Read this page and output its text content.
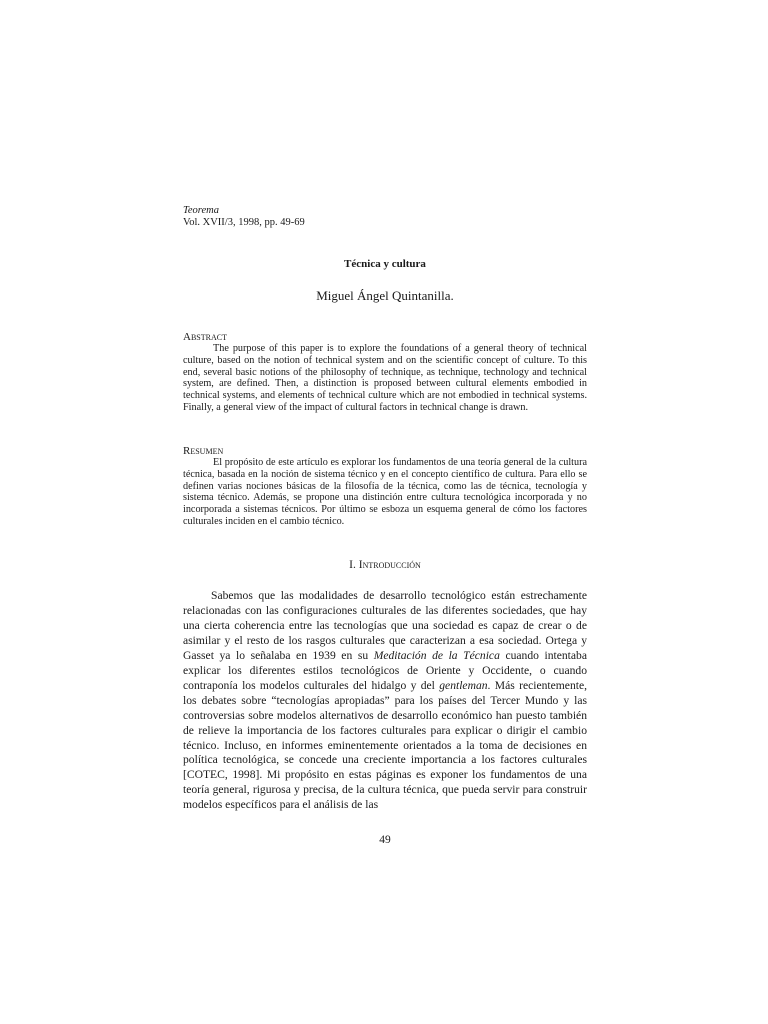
Teorema
Vol. XVII/3, 1998, pp. 49-69
Técnica y cultura
Miguel Ángel Quintanilla.
Abstract

The purpose of this paper is to explore the foundations of a general theory of technical culture, based on the notion of technical system and on the scientific concept of culture. To this end, several basic notions of the philosophy of technique, as technique, technology and technical system, are defined. Then, a distinction is proposed between cultural elements embodied in technical systems, and elements of technical culture which are not embodied in technical systems. Finally, a general view of the impact of cultural factors in technical change is drawn.

Resumen

El propósito de este artículo es explorar los fundamentos de una teoría general de la cultura técnica, basada en la noción de sistema técnico y en el concepto científico de cultura. Para ello se definen varias nociones básicas de la filosofía de la técnica, como las de técnica, tecnología y sistema técnico. Además, se propone una distinción entre cultura tecnológica incorporada y no incorporada a sistemas técnicos. Por último se esboza un esquema general de cómo los factores culturales inciden en el cambio técnico.

I. Introducción

Sabemos que las modalidades de desarrollo tecnológico están estrechamente relacionadas con las configuraciones culturales de las diferentes sociedades, que hay una cierta coherencia entre las tecnologías que una sociedad es capaz de crear o de asimilar y el resto de los rasgos culturales que caracterizan a esa sociedad. Ortega y Gasset ya lo señalaba en 1939 en su Meditación de la Técnica cuando intentaba explicar los diferentes estilos tecnológicos de Oriente y Occidente, o cuando contraponía los modelos culturales del hidalgo y del gentleman. Más recientemente, los debates sobre “tecnologías apropiadas” para los países del Tercer Mundo y las controversias sobre modelos alternativos de desarrollo económico han puesto también de relieve la importancia de los factores culturales para explicar o dirigir el cambio técnico. Incluso, en informes eminentemente orientados a la toma de decisiones en política tecnológica, se concede una creciente importancia a los factores culturales [COTEC, 1998]. Mi propósito en estas páginas es exponer los fundamentos de una teoría general, rigurosa y precisa, de la cultura técnica, que pueda servir para construir modelos específicos para el análisis de las

49
